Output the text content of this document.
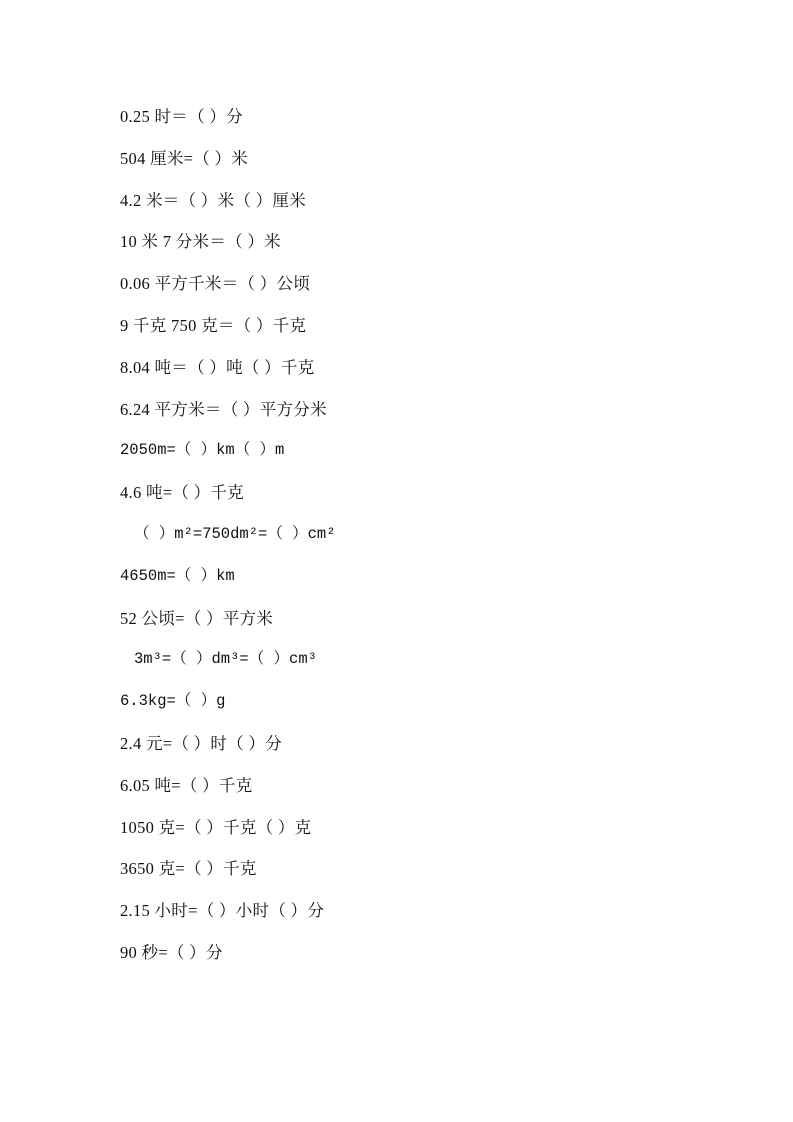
0.25 时＝（ ）分
504 厘米=（ ）米
4.2 米＝（ ）米（ ）厘米
10 米 7 分米＝（ ）米
0.06 平方千米＝（ ）公顷
9 千克 750 克＝（ ）千克
8.04 吨＝（ ）吨（ ）千克
6.24 平方米＝（ ）平方分米
2050m=（ ）km（ ）m
4.6 吨=（ ）千克
（ ）m²=750dm²=（ ）cm²
4650m=（ ）km
52 公顷=（ ）平方米
3m³=（ ）dm³=（ ）cm³
6.3kg=（ ）g
2.4 元=（ ）时（ ）分
6.05 吨=（ ）千克
1050 克=（ ）千克（ ）克
3650 克=（ ）千克
2.15 小时=（ ）小时（ ）分
90 秒=（ ）分
